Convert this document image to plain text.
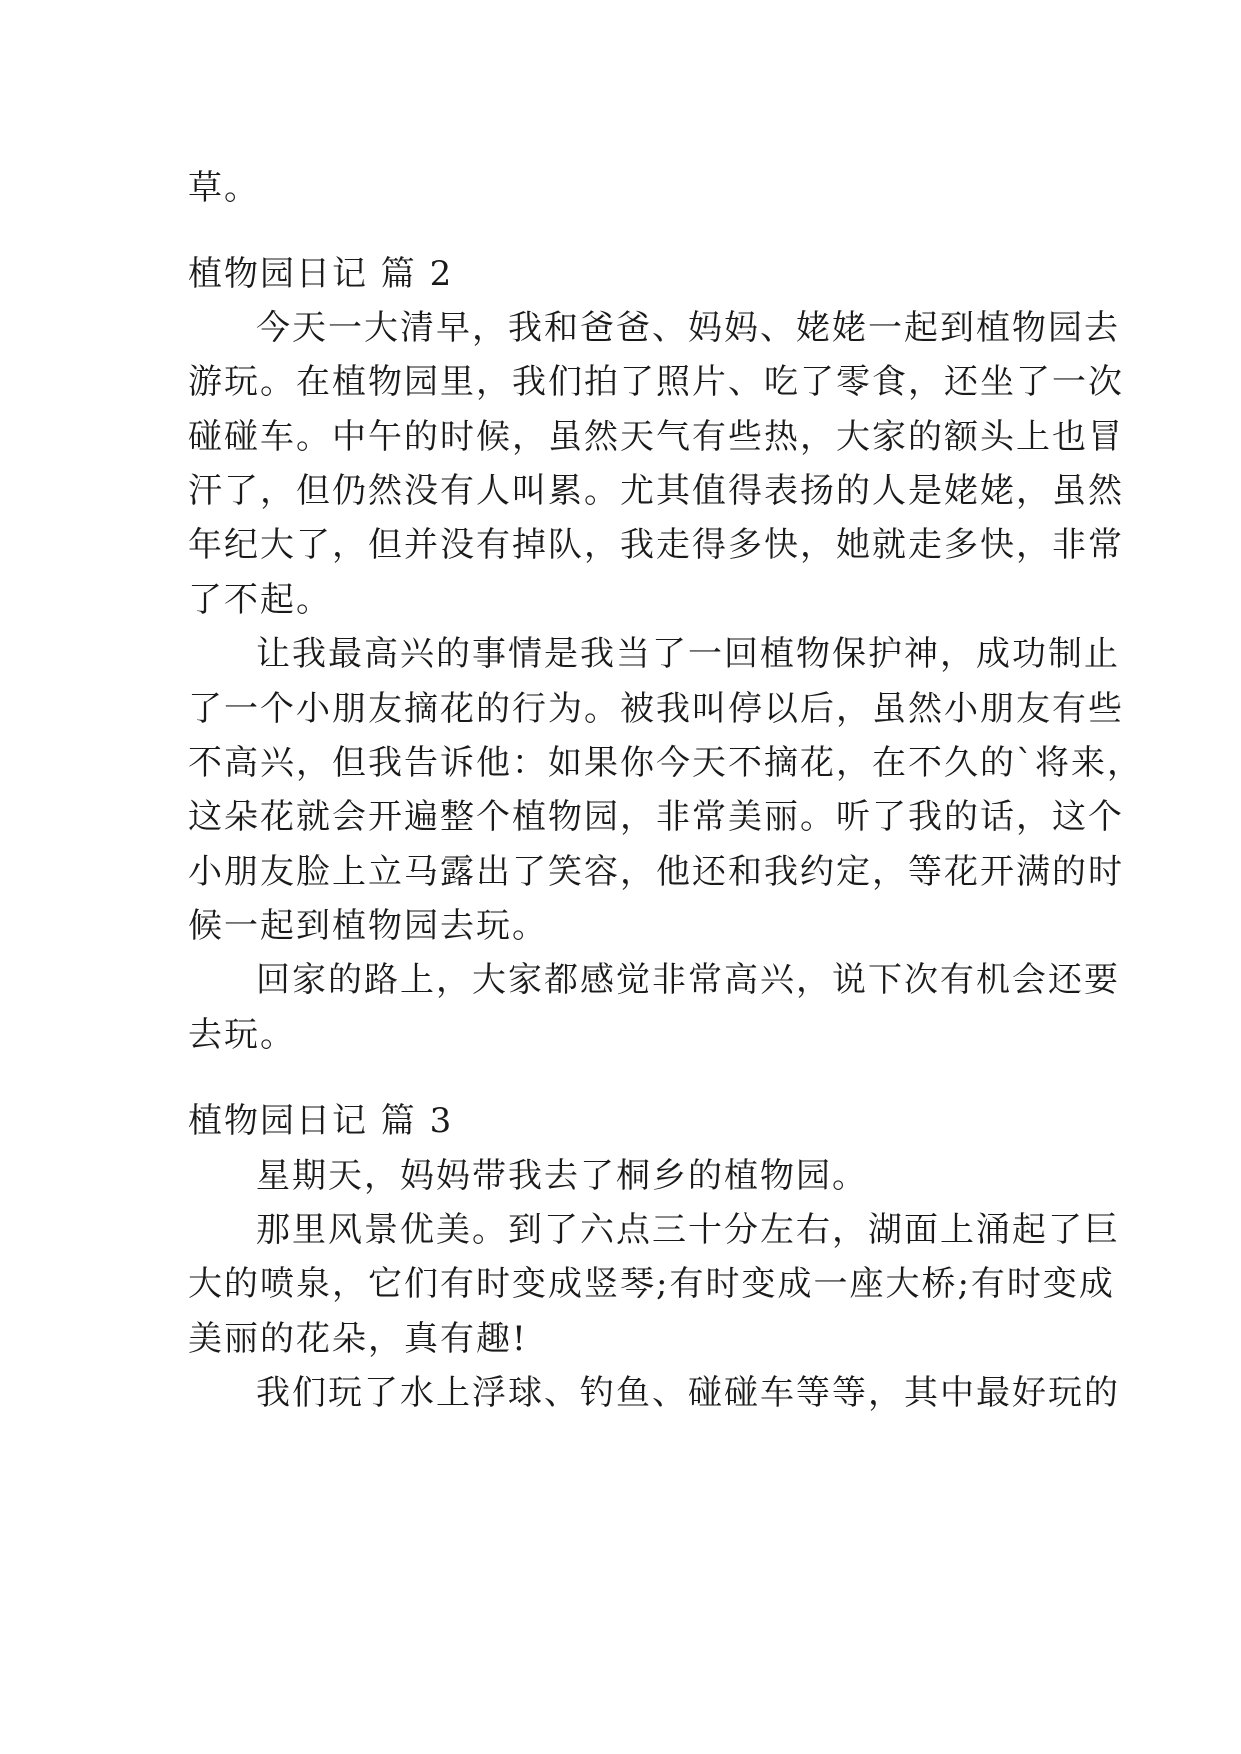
草。
植物园日记 篇 2
今天一大清早，我和爸爸、妈妈、姥姥一起到植物园去
游玩。在植物园里，我们拍了照片、吃了零食，还坐了一次
碰碰车。中午的时候，虽然天气有些热，大家的额头上也冒
汗了，但仍然没有人叫累。尤其值得表扬的人是姥姥，虽然
年纪大了，但并没有掉队，我走得多快，她就走多快，非常
了不起。
让我最高兴的事情是我当了一回植物保护神，成功制止
了一个小朋友摘花的行为。被我叫停以后，虽然小朋友有些
不高兴，但我告诉他：如果你今天不摘花，在不久的`将来，
这朵花就会开遍整个植物园，非常美丽。听了我的话，这个
小朋友脸上立马露出了笑容，他还和我约定，等花开满的时
候一起到植物园去玩。
回家的路上，大家都感觉非常高兴，说下次有机会还要
去玩。
植物园日记 篇 3
星期天，妈妈带我去了桐乡的植物园。
那里风景优美。到了六点三十分左右，湖面上涌起了巨
大的喷泉，它们有时变成竖琴;有时变成一座大桥;有时变成
美丽的花朵，真有趣!
我们玩了水上浮球、钓鱼、碰碰车等等，其中最好玩的
